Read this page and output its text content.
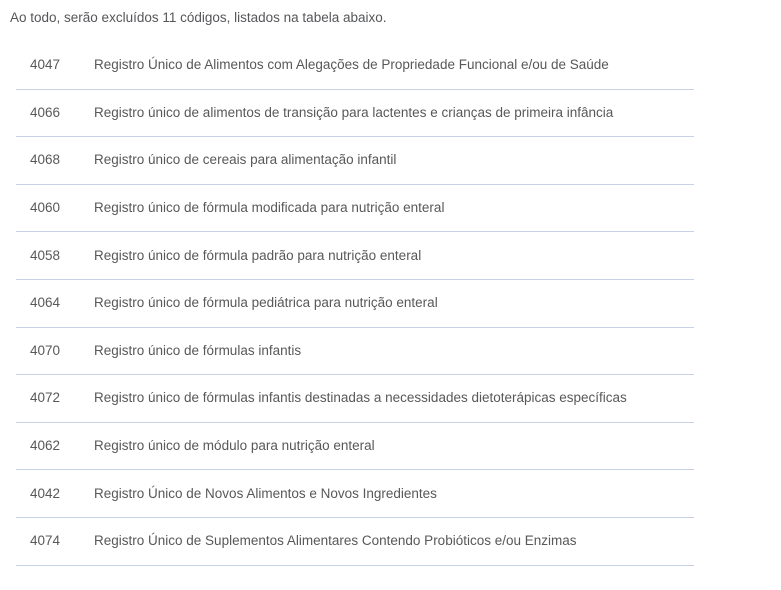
Ao todo, serão excluídos 11 códigos, listados na tabela abaixo.

4047	Registro Único de Alimentos com Alegações de Propriedade Funcional e/ou de Saúde
4066	Registro único de alimentos de transição para lactentes e crianças de primeira infância
4068	Registro único de cereais para alimentação infantil
4060	Registro único de fórmula modificada para nutrição enteral
4058	Registro único de fórmula padrão para nutrição enteral
4064	Registro único de fórmula pediátrica para nutrição enteral
4070	Registro único de fórmulas infantis
4072	Registro único de fórmulas infantis destinadas a necessidades dietoterápicas específicas
4062	Registro único de módulo para nutrição enteral
4042	Registro Único de Novos Alimentos e Novos Ingredientes
4074	Registro Único de Suplementos Alimentares Contendo Probióticos e/ou Enzimas
